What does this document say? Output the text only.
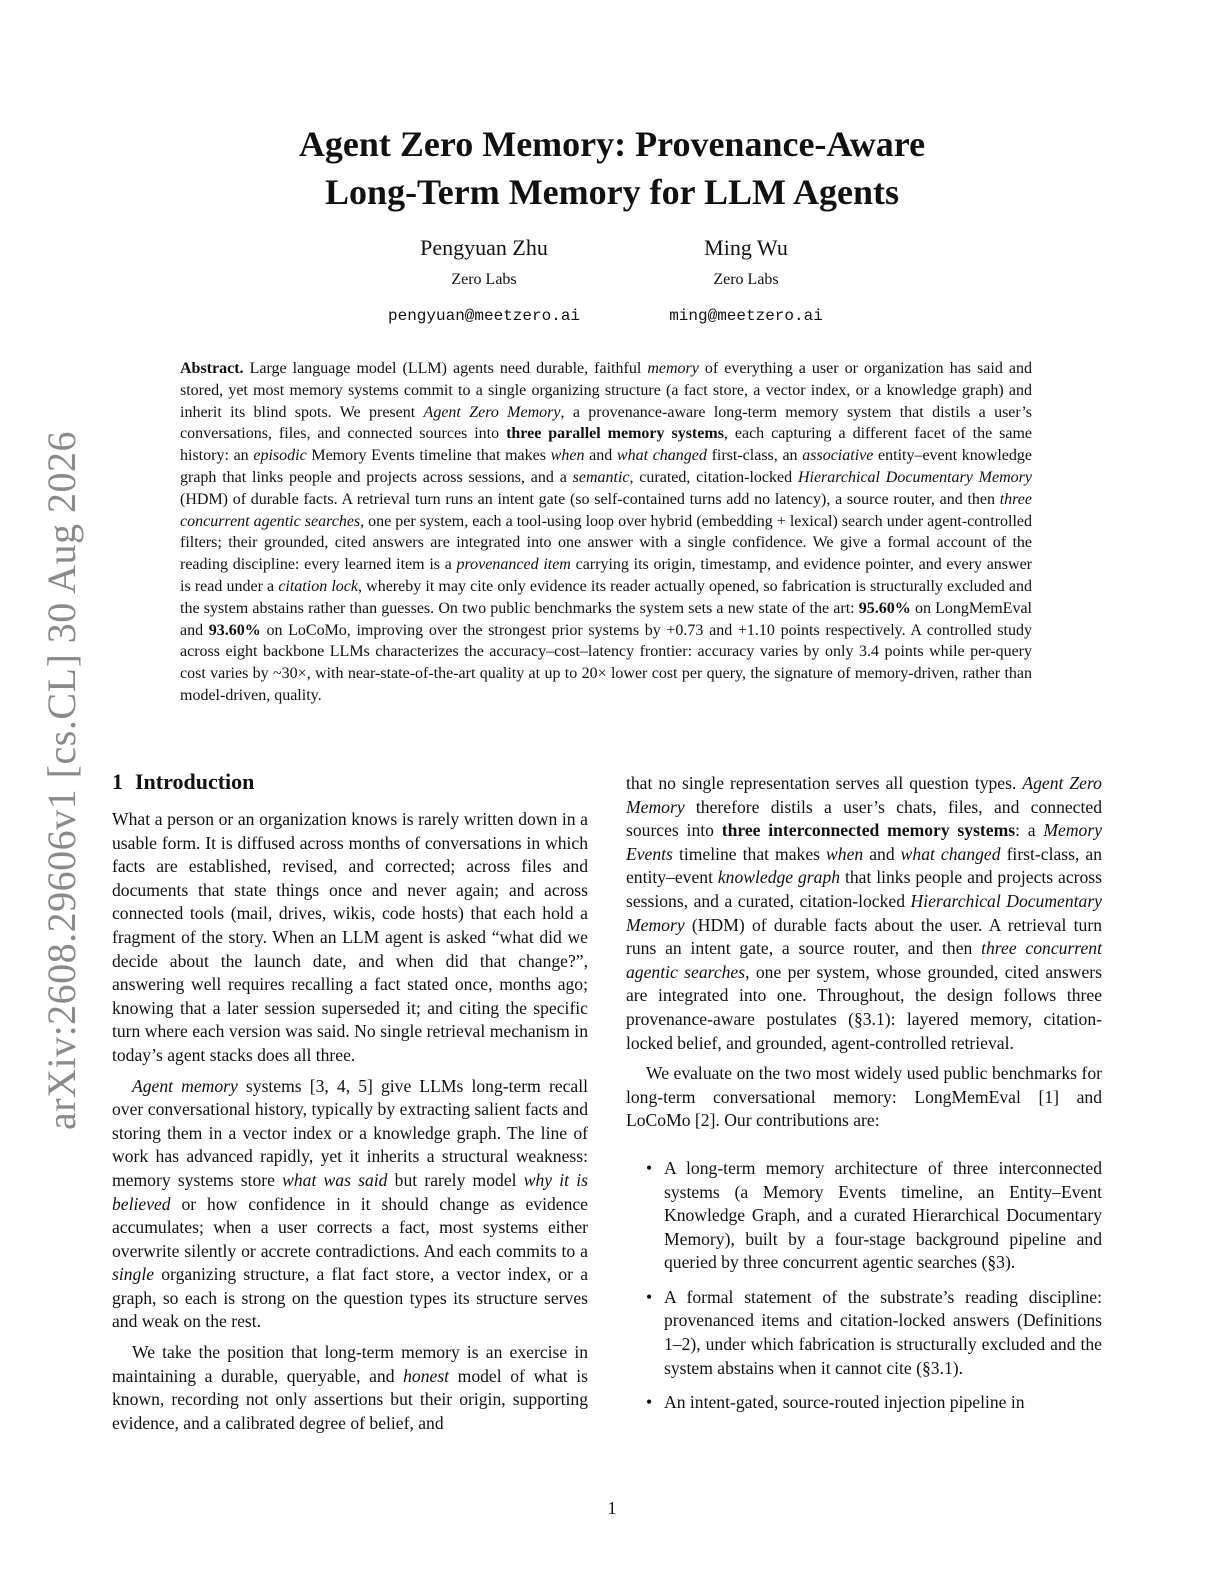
arXiv:2608.29606v1 [cs.CL] 30 Aug 2026
Agent Zero Memory: Provenance-Aware
Long-Term Memory for LLM Agents
Pengyuan Zhu
Zero Labs
pengyuan@meetzero.ai
Ming Wu
Zero Labs
ming@meetzero.ai
Abstract. Large language model (LLM) agents need durable, faithful memory of everything a user or organization has said and stored, yet most memory systems commit to a single organizing structure (a fact store, a vector index, or a knowledge graph) and inherit its blind spots. We present Agent Zero Memory, a provenance-aware long-term memory system that distils a user’s conversations, files, and connected sources into three parallel memory systems, each capturing a different facet of the same history: an episodic Memory Events timeline that makes when and what changed first-class, an associative entity–event knowledge graph that links people and projects across sessions, and a semantic, curated, citation-locked Hierarchical Documentary Memory (HDM) of durable facts. A retrieval turn runs an intent gate (so self-contained turns add no latency), a source router, and then three concurrent agentic searches, one per system, each a tool-using loop over hybrid (embedding + lexical) search under agent-controlled filters; their grounded, cited answers are integrated into one answer with a single confidence. We give a formal account of the reading discipline: every learned item is a provenanced item carrying its origin, timestamp, and evidence pointer, and every answer is read under a citation lock, whereby it may cite only evidence its reader actually opened, so fabrication is structurally excluded and the system abstains rather than guesses. On two public benchmarks the system sets a new state of the art: 95.60% on LongMemEval and 93.60% on LoCoMo, improving over the strongest prior systems by +0.73 and +1.10 points respectively. A controlled study across eight backbone LLMs characterizes the accuracy–cost–latency frontier: accuracy varies by only 3.4 points while per-query cost varies by ~30×, with near-state-of-the-art quality at up to 20× lower cost per query, the signature of memory-driven, rather than model-driven, quality.
1 Introduction

What a person or an organization knows is rarely written down in a usable form. It is diffused across months of conversations in which facts are established, revised, and corrected; across files and documents that state things once and never again; and across connected tools (mail, drives, wikis, code hosts) that each hold a fragment of the story. When an LLM agent is asked “what did we decide about the launch date, and when did that change?”, answering well requires recalling a fact stated once, months ago; knowing that a later session superseded it; and citing the specific turn where each version was said. No single retrieval mechanism in today’s agent stacks does all three.

Agent memory systems [3, 4, 5] give LLMs long-term recall over conversational history, typically by extracting salient facts and storing them in a vector index or a knowledge graph. The line of work has advanced rapidly, yet it inherits a structural weakness: memory systems store what was said but rarely model why it is believed or how confidence in it should change as evidence accumulates; when a user corrects a fact, most systems either overwrite silently or accrete contradictions. And each commits to a single organizing structure, a flat fact store, a vector index, or a graph, so each is strong on the question types its structure serves and weak on the rest.

We take the position that long-term memory is an exercise in maintaining a durable, queryable, and honest model of what is known, recording not only assertions but their origin, supporting evidence, and a calibrated degree of belief, and

that no single representation serves all question types. Agent Zero Memory therefore distils a user’s chats, files, and connected sources into three interconnected memory systems: a Memory Events timeline that makes when and what changed first-class, an entity–event knowledge graph that links people and projects across sessions, and a curated, citation-locked Hierarchical Documentary Memory (HDM) of durable facts about the user. A retrieval turn runs an intent gate, a source router, and then three concurrent agentic searches, one per system, whose grounded, cited answers are integrated into one. Throughout, the design follows three provenance-aware postulates (§3.1): layered memory, citation-locked belief, and grounded, agent-controlled retrieval.

We evaluate on the two most widely used public benchmarks for long-term conversational memory: LongMemEval [1] and LoCoMo [2]. Our contributions are:

• A long-term memory architecture of three interconnected systems (a Memory Events timeline, an Entity–Event Knowledge Graph, and a curated Hierarchical Documentary Memory), built by a four-stage background pipeline and queried by three concurrent agentic searches (§3).
• A formal statement of the substrate’s reading discipline: provenanced items and citation-locked answers (Definitions 1–2), under which fabrication is structurally excluded and the system abstains when it cannot cite (§3.1).
• An intent-gated, source-routed injection pipeline in
1
